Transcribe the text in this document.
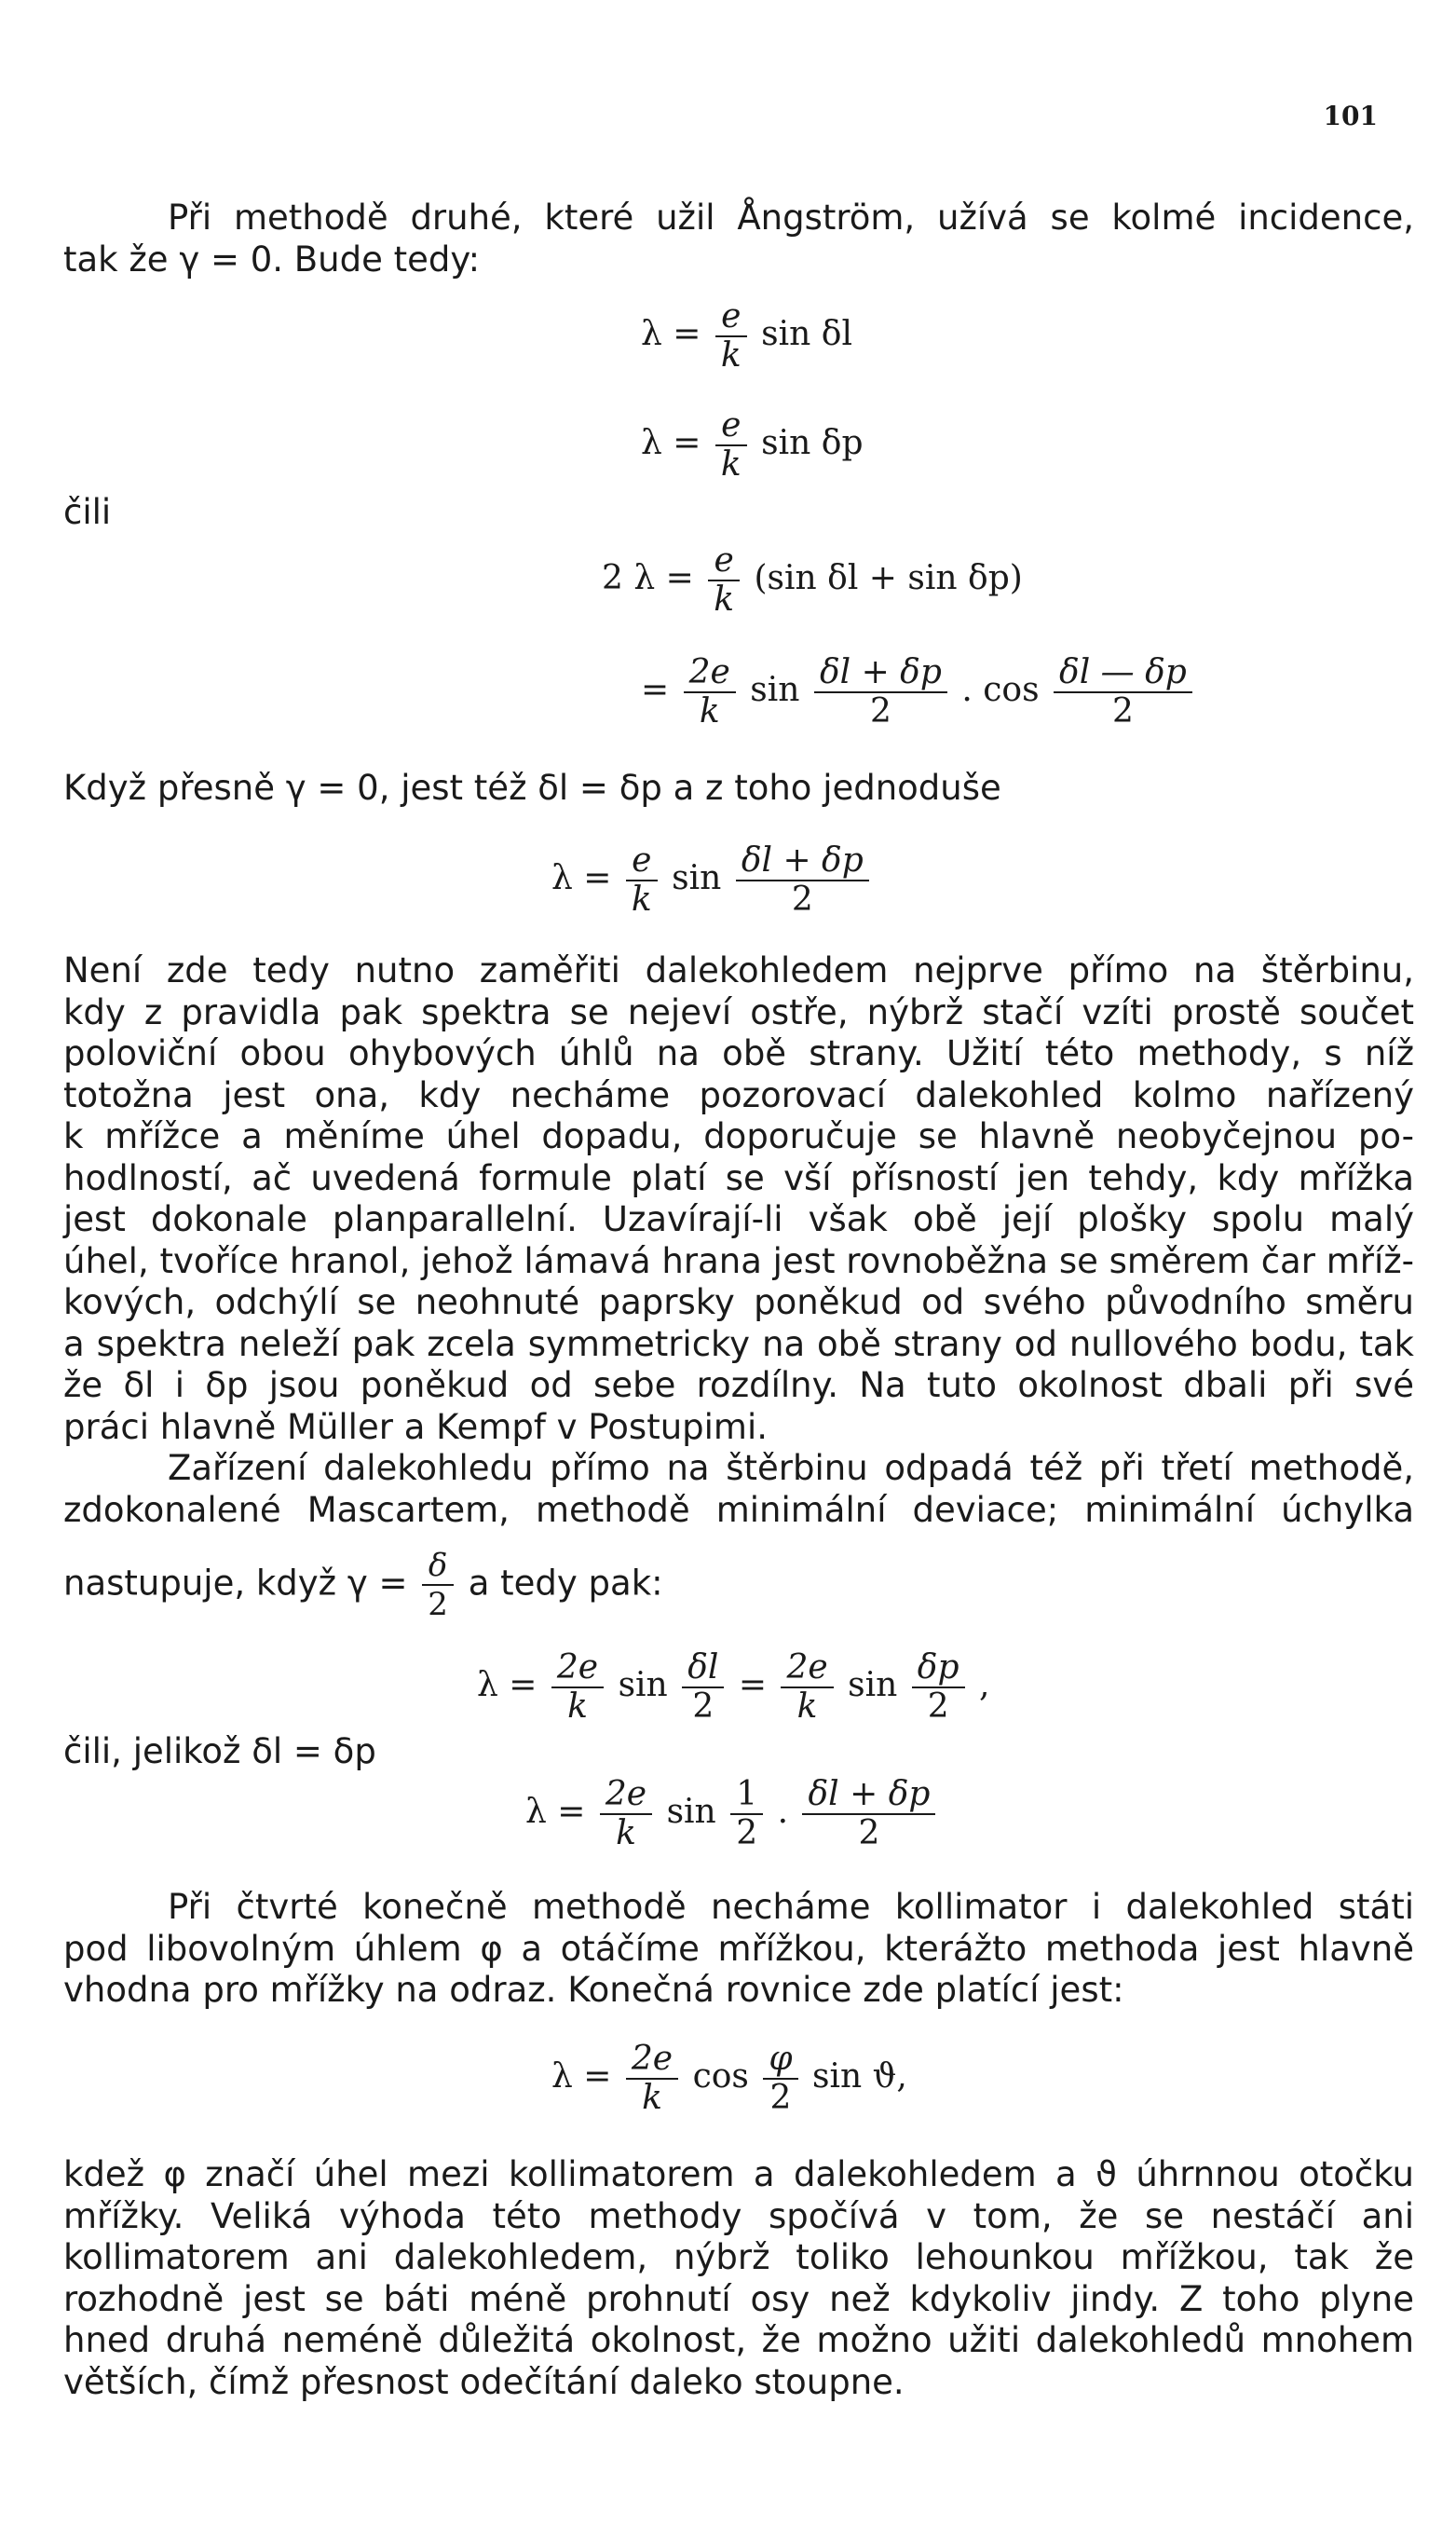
101
Při methodě druhé, které užil Ångström, užívá se kolmé incidence,
tak že γ = 0. Bude tedy:
$\lambda = \frac{e}{k}$ sin δl
$\lambda = \frac{e}{k}$ sin δp
čili
2 $\lambda = \frac{e}{k} (\sin$ δl + sin δp)
= $\frac{2e}{k}$ $\sin \frac{\delta l + \delta p}{2}$ . $\cos \frac{\delta l — \delta p}{2}$
Když přesně γ = 0, jest též δl = δp a z toho jednoduše
$\lambda = \frac{e}{k}$ $\sin \frac{\delta l + \delta p}{2}$
Není zde tedy nutno zaměřiti dalekohledem nejprve přímo na štěrbinu,
kdy z pravidla pak spektra se nejeví ostře, nýbrž stačí vzíti prostě součet
poloviční obou ohybových úhlů na obě strany. Užití této methody, s níž
totožna jest ona, kdy necháme pozorovací dalekohled kolmo nařízený
k mřížce a měníme úhel dopadu, doporučuje se hlavně neobyčejnou po-
hodlností, ač uvedená formule platí se vší přísností jen tehdy, kdy mřížka
jest dokonale planparallelní. Uzavírají-li však obě její plošky spolu malý
úhel, tvoříce hranol, jehož lámavá hrana jest rovnoběžna se směrem čar mříž-
kových, odchýlí se neohnuté paprsky poněkud od svého původního směru
a spektra neleží pak zcela symmetricky na obě strany od nullového bodu, tak
že δl i δp jsou poněkud od sebe rozdílny. Na tuto okolnost dbali při své
práci hlavně Müller a Kempf v Postupimi.
Zařízení dalekohledu přímo na štěrbinu odpadá též při třetí methodě,
zdokonalené Mascartem, methodě minimální deviace; minimální úchylka
nastupuje, když $\gamma = \frac{\delta}{2}$ a tedy pak:
$\lambda = \frac{2e}{k}$ $\sin \frac{\delta l}{2} = \frac{2e}{k}$ $\sin \frac{\delta p}{2}$ ,
čili, jelikož δl = δp
$\lambda = \frac{2e}{k}$ $\sin \frac{1}{2}$ . $\frac{\delta l + \delta p}{2}$
Při čtvrté konečně methodě necháme kollimator i dalekohled státi
pod libovolným úhlem φ a otáčíme mřížkou, kterážto methoda jest hlavně
vhodna pro mřížky na odraz. Konečná rovnice zde platící jest:
$\lambda = \frac{2e}{k}$ $\cos \frac{\varphi}{2}$ sin ϑ,
kdež φ značí úhel mezi kollimatorem a dalekohledem a ϑ úhrnnou otočku
mřížky. Veliká výhoda této methody spočívá v tom, že se nestáčí ani
kollimatorem ani dalekohledem, nýbrž toliko lehounkou mřížkou, tak že
rozhodně jest se báti méně prohnutí osy než kdykoliv jindy. Z toho plyne
hned druhá neméně důležitá okolnost, že možno užiti dalekohledů mnohem
větších, čímž přesnost odečítání daleko stoupne.
